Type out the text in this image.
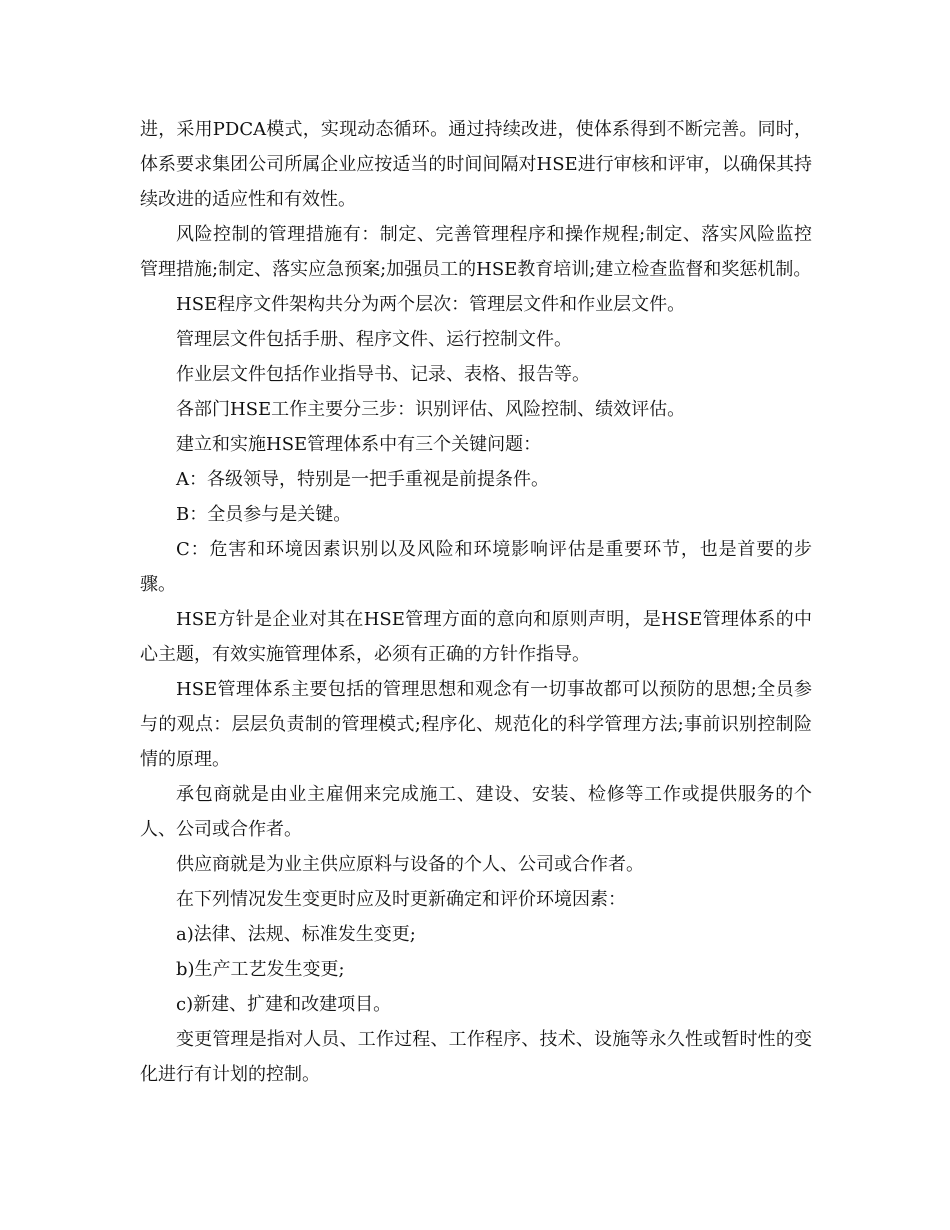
进，采用PDCA模式，实现动态循环。通过持续改进，使体系得到不断完善。同时，体系要求集团公司所属企业应按适当的时间间隔对HSE进行审核和评审，以确保其持续改进的适应性和有效性。

风险控制的管理措施有：制定、完善管理程序和操作规程;制定、落实风险监控管理措施;制定、落实应急预案;加强员工的HSE教育培训;建立检查监督和奖惩机制。

HSE程序文件架构共分为两个层次：管理层文件和作业层文件。

管理层文件包括手册、程序文件、运行控制文件。

作业层文件包括作业指导书、记录、表格、报告等。

各部门HSE工作主要分三步：识别评估、风险控制、绩效评估。

建立和实施HSE管理体系中有三个关键问题：

A：各级领导，特别是一把手重视是前提条件。

B：全员参与是关键。

C：危害和环境因素识别以及风险和环境影响评估是重要环节，也是首要的步骤。

HSE方针是企业对其在HSE管理方面的意向和原则声明，是HSE管理体系的中心主题，有效实施管理体系，必须有正确的方针作指导。

HSE管理体系主要包括的管理思想和观念有一切事故都可以预防的思想;全员参与的观点：层层负责制的管理模式;程序化、规范化的科学管理方法;事前识别控制险情的原理。

承包商就是由业主雇佣来完成施工、建设、安装、检修等工作或提供服务的个人、公司或合作者。

供应商就是为业主供应原料与设备的个人、公司或合作者。

在下列情况发生变更时应及时更新确定和评价环境因素：

a)法律、法规、标准发生变更;

b)生产工艺发生变更;

c)新建、扩建和改建项目。

变更管理是指对人员、工作过程、工作程序、技术、设施等永久性或暂时性的变化进行有计划的控制。
